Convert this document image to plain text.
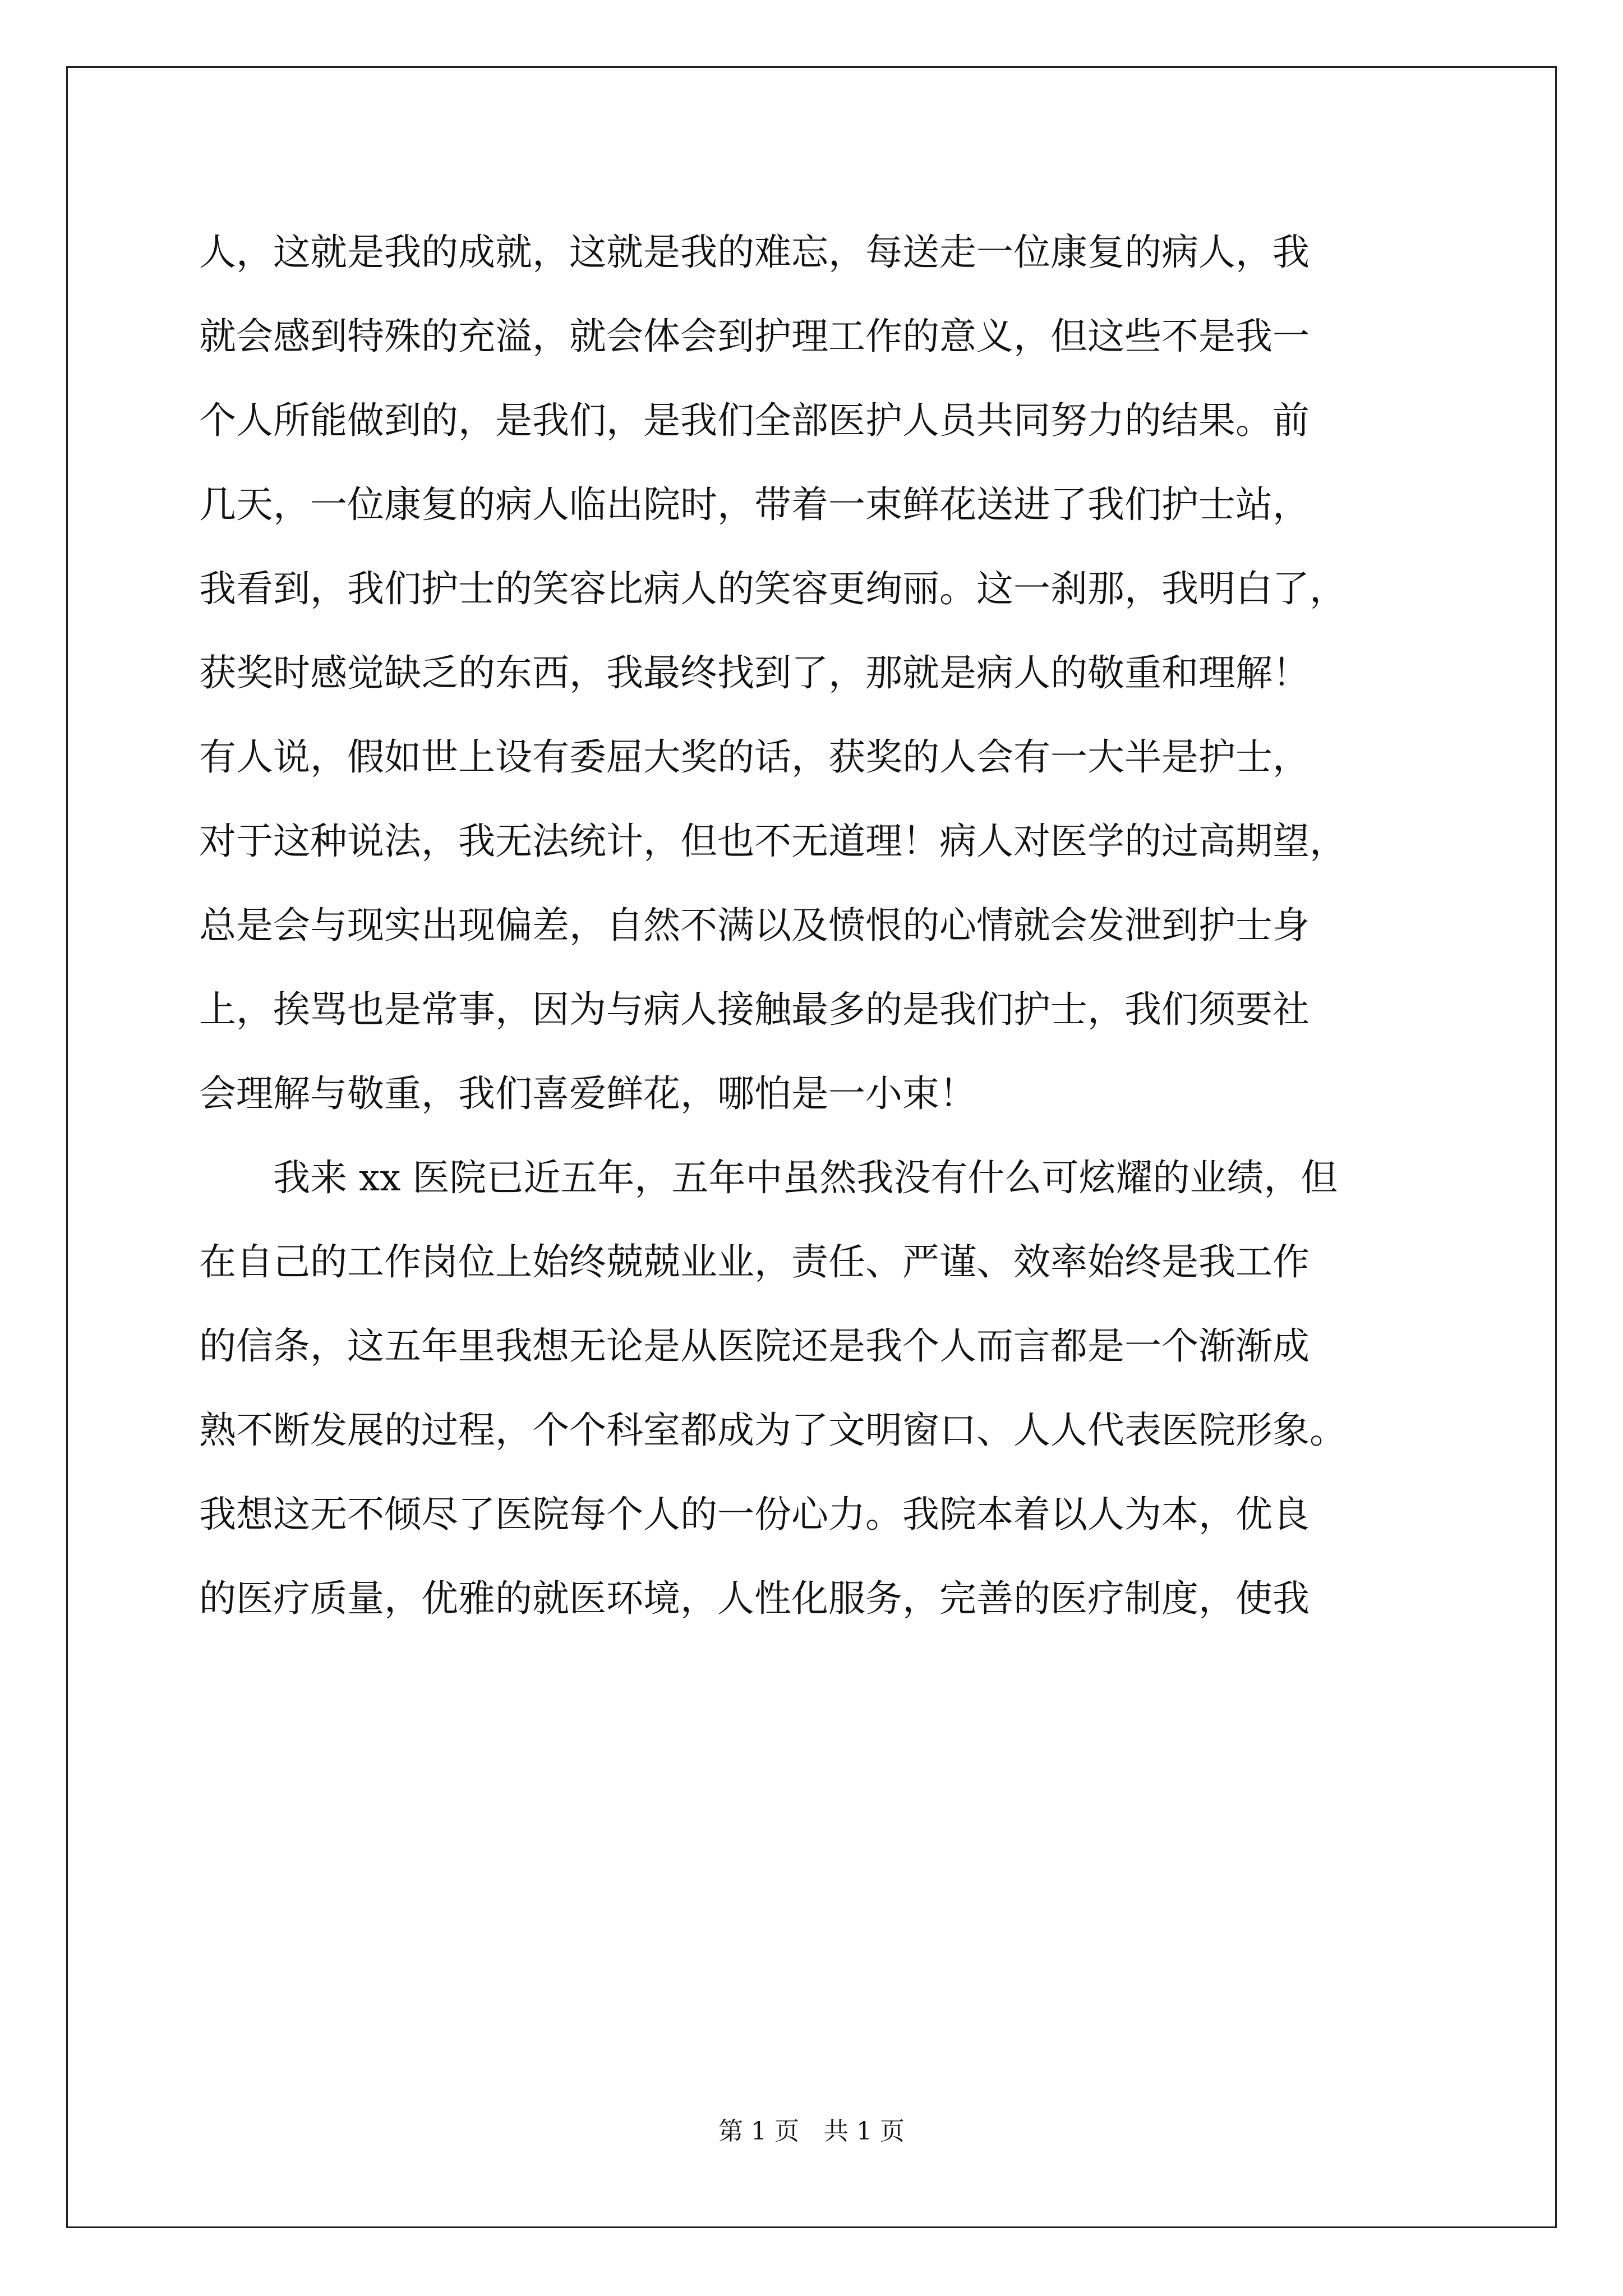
人，这就是我的成就，这就是我的难忘，每送走一位康复的病人，我
就会感到特殊的充溢，就会体会到护理工作的意义，但这些不是我一
个人所能做到的，是我们，是我们全部医护人员共同努力的结果。前
几天，一位康复的病人临出院时，带着一束鲜花送进了我们护士站，
我看到，我们护士的笑容比病人的笑容更绚丽。这一刹那，我明白了，
获奖时感觉缺乏的东西，我最终找到了，那就是病人的敬重和理解！
有人说，假如世上设有委屈大奖的话，获奖的人会有一大半是护士，
对于这种说法，我无法统计，但也不无道理！病人对医学的过高期望，
总是会与现实出现偏差，自然不满以及愤恨的心情就会发泄到护士身
上，挨骂也是常事，因为与病人接触最多的是我们护士，我们须要社
会理解与敬重，我们喜爱鲜花，哪怕是一小束！
　　我来 xx 医院已近五年，五年中虽然我没有什么可炫耀的业绩，但
在自己的工作岗位上始终兢兢业业，责任、严谨、效率始终是我工作
的信条，这五年里我想无论是从医院还是我个人而言都是一个渐渐成
熟不断发展的过程，个个科室都成为了文明窗口、人人代表医院形象。
我想这无不倾尽了医院每个人的一份心力。我院本着以人为本，优良
的医疗质量，优雅的就医环境，人性化服务，完善的医疗制度，使我
第 1 页　共 1 页
